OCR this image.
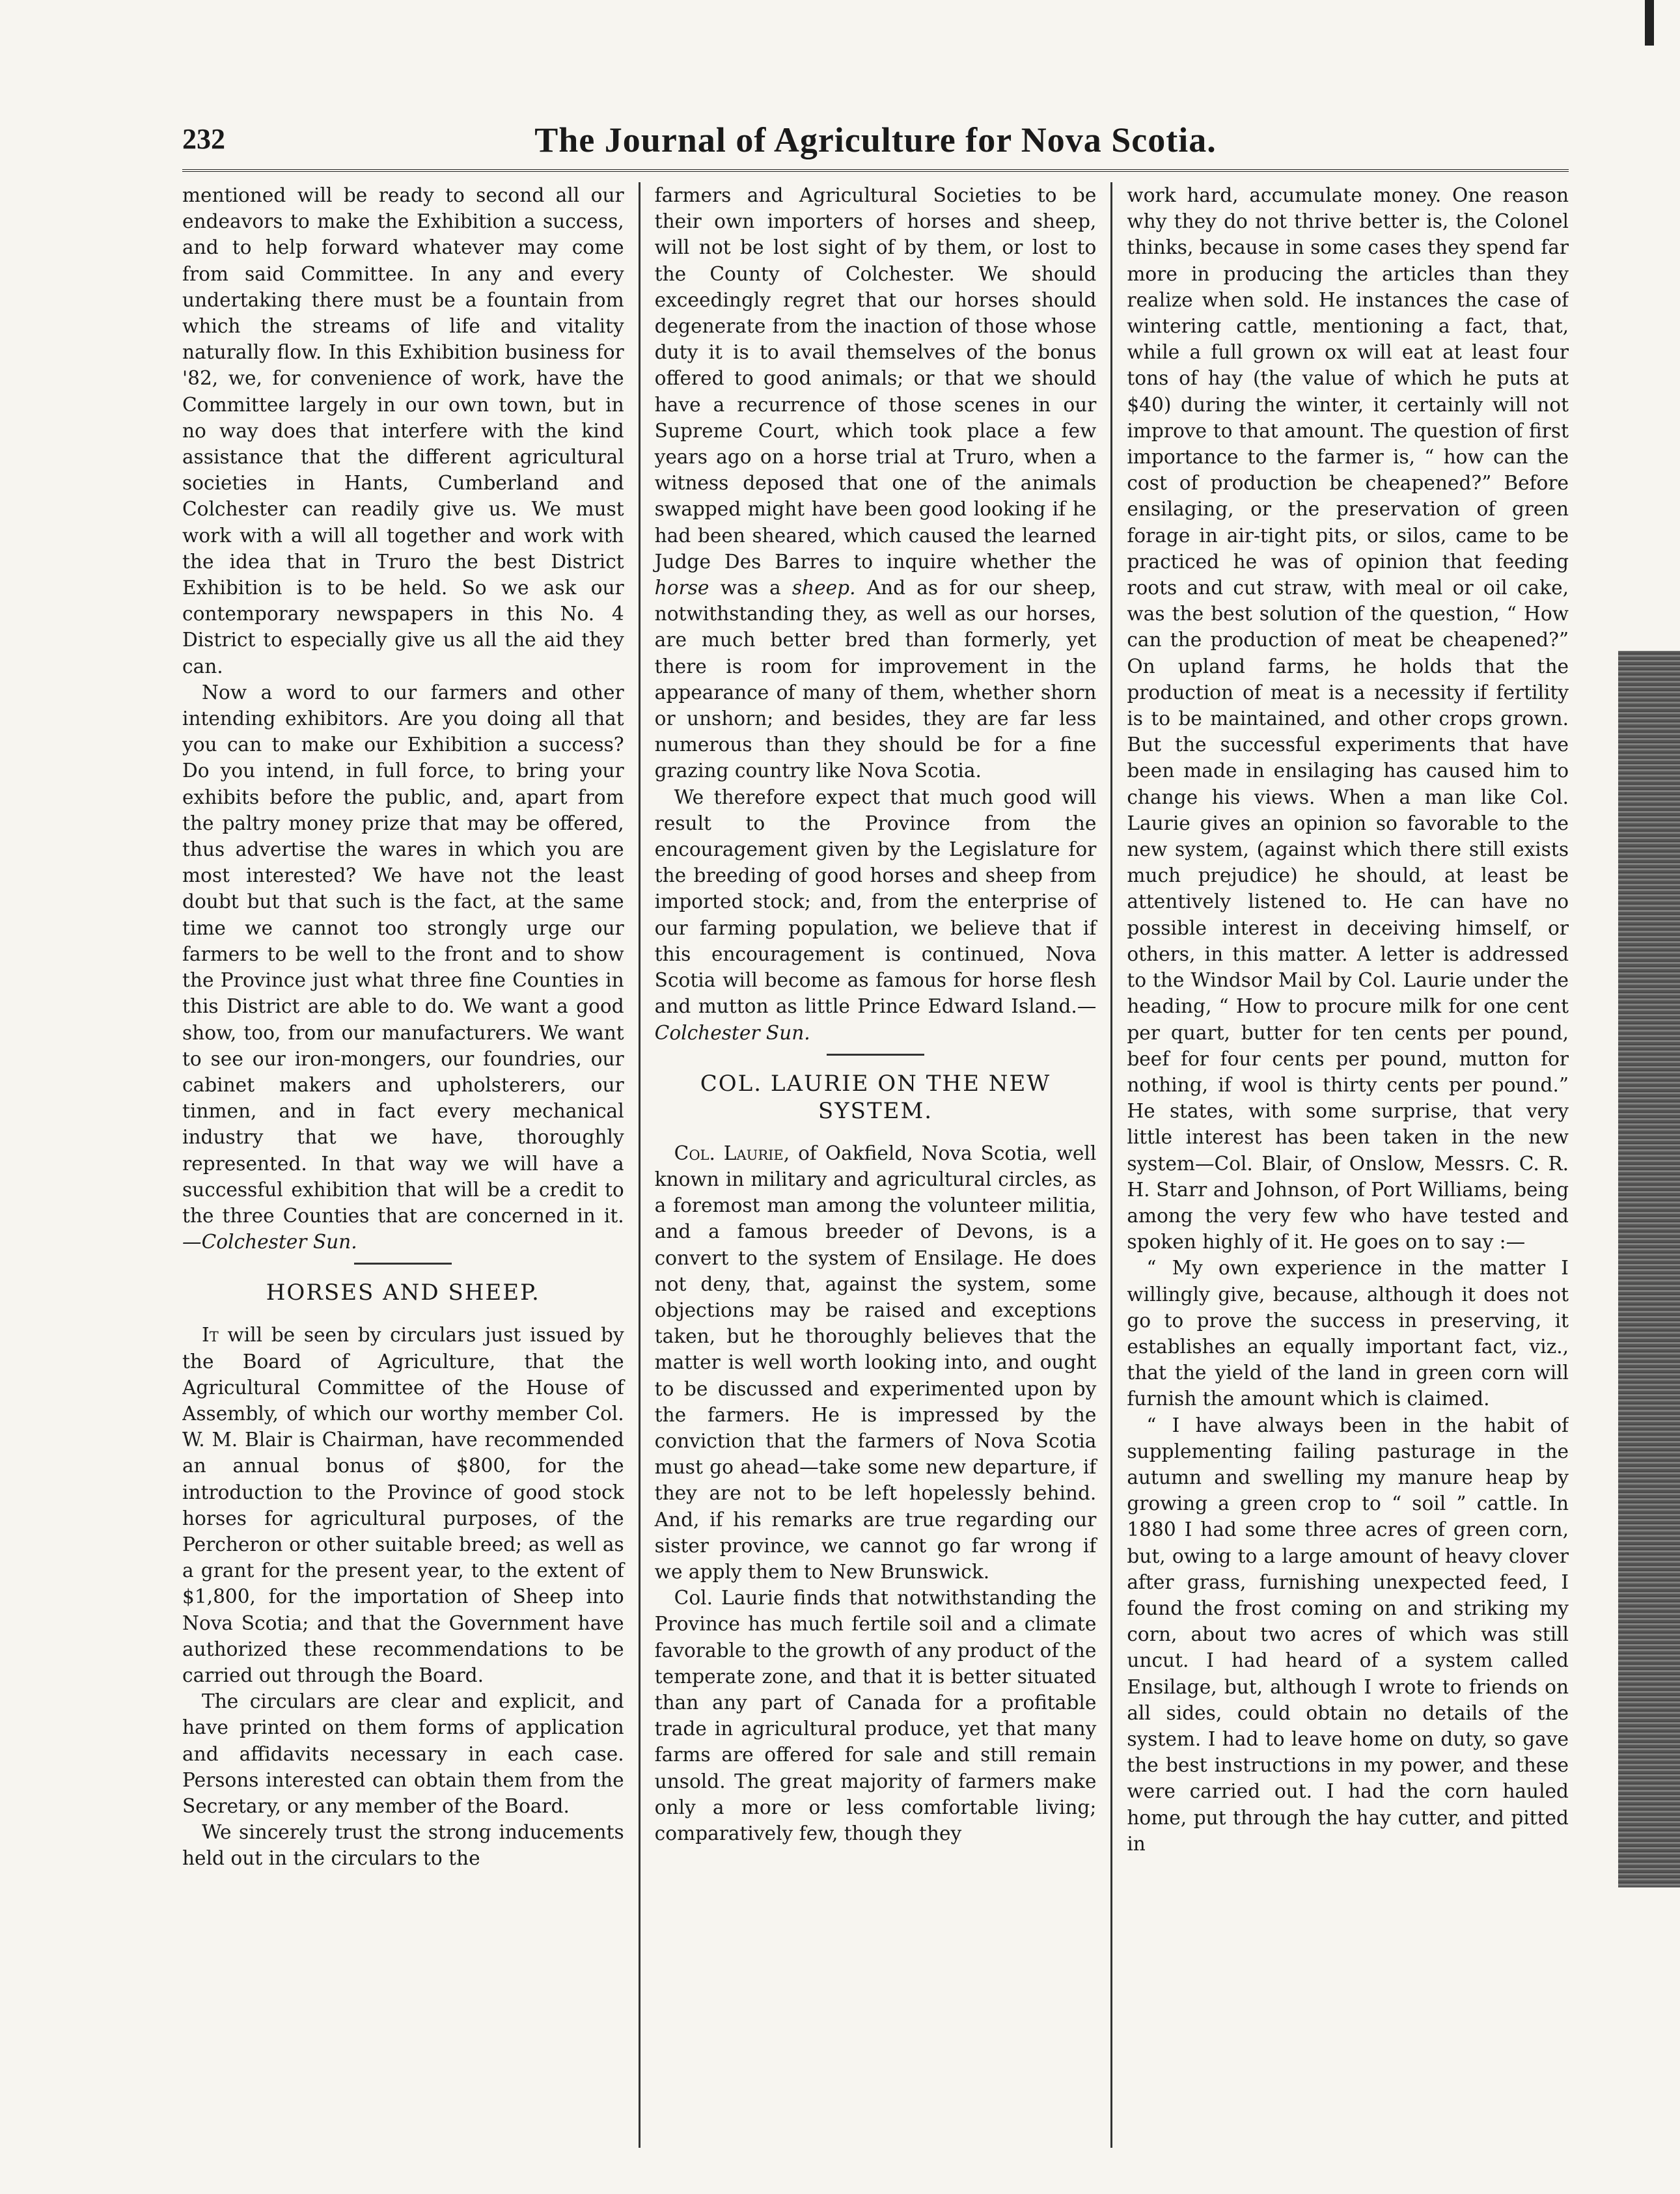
232	The Journal of Agriculture for Nova Scotia.

mentioned will be ready to second all our endeavors to make the Exhibition a success, and to help forward whatever may come from said Committee. In any and every undertaking there must be a fountain from which the streams of life and vitality naturally flow. In this Exhibition business for '82, we, for convenience of work, have the Committee largely in our own town, but in no way does that interfere with the kind assistance that the different agricultural societies in Hants, Cumberland and Colchester can readily give us. We must work with a will all together and work with the idea that in Truro the best District Exhibition is to be held. So we ask our contemporary newspapers in this No. 4 District to especially give us all the aid they can.

Now a word to our farmers and other intending exhibitors. Are you doing all that you can to make our Exhibition a success? Do you intend, in full force, to bring your exhibits before the public, and, apart from the paltry money prize that may be offered, thus advertise the wares in which you are most interested? We have not the least doubt but that such is the fact, at the same time we cannot too strongly urge our farmers to be well to the front and to show the Province just what three fine Counties in this District are able to do. We want a good show, too, from our manufacturers. We want to see our iron-mongers, our foundries, our cabinet makers and upholsterers, our tinmen, and in fact every mechanical industry that we have, thoroughly represented. In that way we will have a successful exhibition that will be a credit to the three Counties that are concerned in it.—Colchester Sun.

HORSES AND SHEEP.

It will be seen by circulars just issued by the Board of Agriculture, that the Agricultural Committee of the House of Assembly, of which our worthy member Col. W. M. Blair is Chairman, have recommended an annual bonus of $800, for the introduction to the Province of good stock horses for agricultural purposes, of the Percheron or other suitable breed; as well as a grant for the present year, to the extent of $1,800, for the importation of Sheep into Nova Scotia; and that the Government have authorized these recommendations to be carried out through the Board.

The circulars are clear and explicit, and have printed on them forms of application and affidavits necessary in each case. Persons interested can obtain them from the Secretary, or any member of the Board.

We sincerely trust the strong inducements held out in the circulars to the

farmers and Agricultural Societies to be their own importers of horses and sheep, will not be lost sight of by them, or lost to the County of Colchester. We should exceedingly regret that our horses should degenerate from the inaction of those whose duty it is to avail themselves of the bonus offered to good animals; or that we should have a recurrence of those scenes in our Supreme Court, which took place a few years ago on a horse trial at Truro, when a witness deposed that one of the animals swapped might have been good looking if he had been sheared, which caused the learned Judge Des Barres to inquire whether the horse was a sheep. And as for our sheep, notwithstanding they, as well as our horses, are much better bred than formerly, yet there is room for improvement in the appearance of many of them, whether shorn or unshorn; and besides, they are far less numerous than they should be for a fine grazing country like Nova Scotia.

We therefore expect that much good will result to the Province from the encouragement given by the Legislature for the breeding of good horses and sheep from imported stock; and, from the enterprise of our farming population, we believe that if this encouragement is continued, Nova Scotia will become as famous for horse flesh and mutton as little Prince Edward Island.—Colchester Sun.

COL. LAURIE ON THE NEW SYSTEM.

Col. Laurie, of Oakfield, Nova Scotia, well known in military and agricultural circles, as a foremost man among the volunteer militia, and a famous breeder of Devons, is a convert to the system of Ensilage. He does not deny, that, against the system, some objections may be raised and exceptions taken, but he thoroughly believes that the matter is well worth looking into, and ought to be discussed and experimented upon by the farmers. He is impressed by the conviction that the farmers of Nova Scotia must go ahead—take some new departure, if they are not to be left hopelessly behind. And, if his remarks are true regarding our sister province, we cannot go far wrong if we apply them to New Brunswick.

Col. Laurie finds that notwithstanding the Province has much fertile soil and a climate favorable to the growth of any product of the temperate zone, and that it is better situated than any part of Canada for a profitable trade in agricultural produce, yet that many farms are offered for sale and still remain unsold. The great majority of farmers make only a more or less comfortable living; comparatively few, though they

work hard, accumulate money. One reason why they do not thrive better is, the Colonel thinks, because in some cases they spend far more in producing the articles than they realize when sold. He instances the case of wintering cattle, mentioning a fact, that, while a full grown ox will eat at least four tons of hay (the value of which he puts at $40) during the winter, it certainly will not improve to that amount. The question of first importance to the farmer is, “ how can the cost of production be cheapened?” Before ensilaging, or the preservation of green forage in air-tight pits, or silos, came to be practiced he was of opinion that feeding roots and cut straw, with meal or oil cake, was the best solution of the question, “ How can the production of meat be cheapened?” On upland farms, he holds that the production of meat is a necessity if fertility is to be maintained, and other crops grown. But the successful experiments that have been made in ensilaging has caused him to change his views. When a man like Col. Laurie gives an opinion so favorable to the new system, (against which there still exists much prejudice) he should, at least be attentively listened to. He can have no possible interest in deceiving himself, or others, in this matter. A letter is addressed to the Windsor Mail by Col. Laurie under the heading, “ How to procure milk for one cent per quart, butter for ten cents per pound, beef for four cents per pound, mutton for nothing, if wool is thirty cents per pound.” He states, with some surprise, that very little interest has been taken in the new system—Col. Blair, of Onslow, Messrs. C. R. H. Starr and Johnson, of Port Williams, being among the very few who have tested and spoken highly of it. He goes on to say :—

“ My own experience in the matter I willingly give, because, although it does not go to prove the success in preserving, it establishes an equally important fact, viz., that the yield of the land in green corn will furnish the amount which is claimed.

“ I have always been in the habit of supplementing failing pasturage in the autumn and swelling my manure heap by growing a green crop to “ soil ” cattle. In 1880 I had some three acres of green corn, but, owing to a large amount of heavy clover after grass, furnishing unexpected feed, I found the frost coming on and striking my corn, about two acres of which was still uncut. I had heard of a system called Ensilage, but, although I wrote to friends on all sides, could obtain no details of the system. I had to leave home on duty, so gave the best instructions in my power, and these were carried out. I had the corn hauled home, put through the hay cutter, and pitted in
